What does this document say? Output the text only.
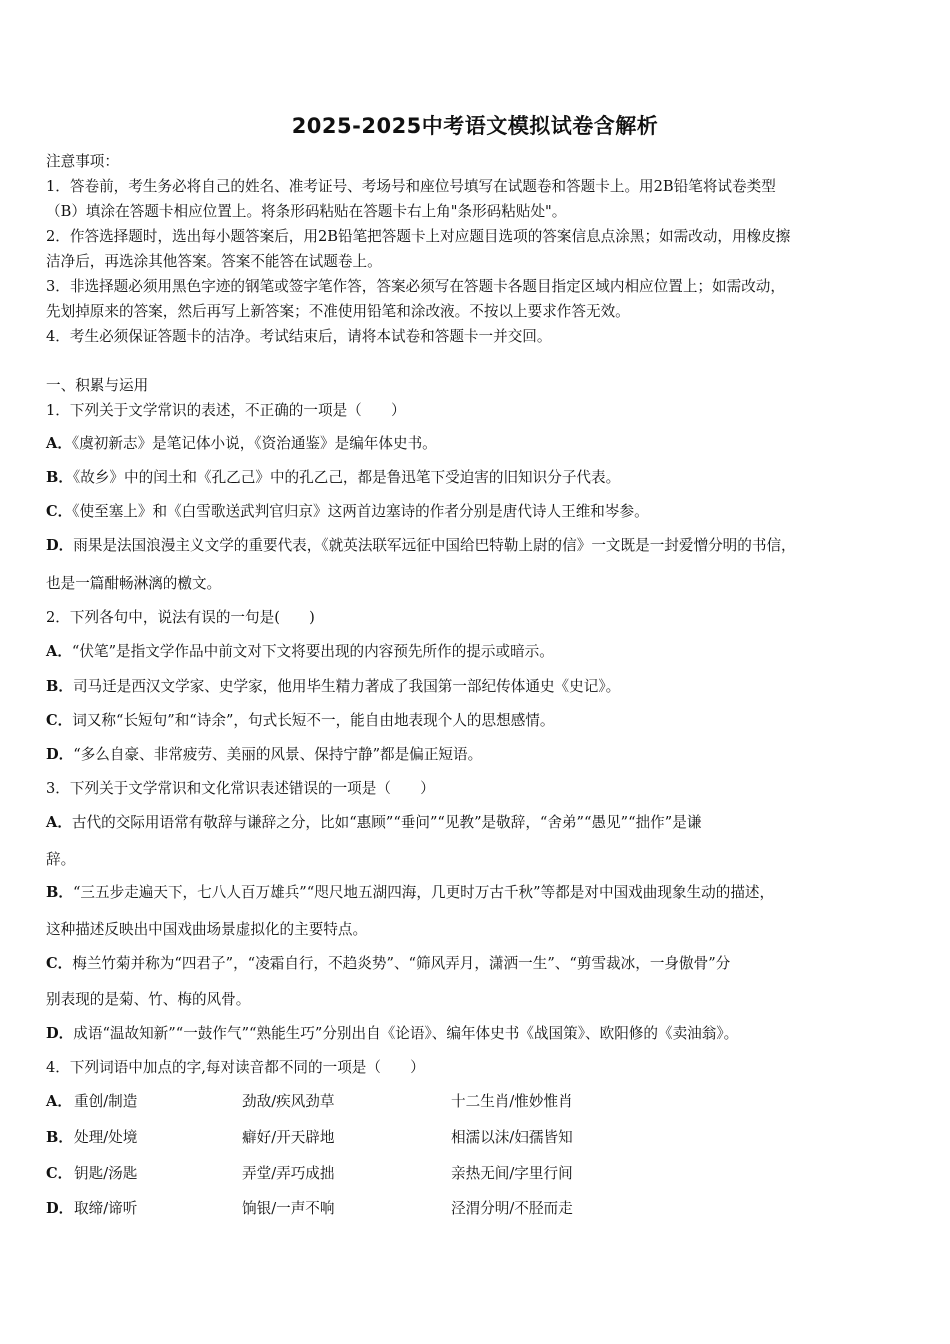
2025-2025中考语文模拟试卷含解析
注意事项：
1．答卷前，考生务必将自己的姓名、准考证号、考场号和座位号填写在试题卷和答题卡上。用2B铅笔将试卷类型
（B）填涂在答题卡相应位置上。将条形码粘贴在答题卡右上角"条形码粘贴处"。
2．作答选择题时，选出每小题答案后，用2B铅笔把答题卡上对应题目选项的答案信息点涂黑；如需改动，用橡皮擦
洁净后，再选涂其他答案。答案不能答在试题卷上。
3．非选择题必须用黑色字迹的钢笔或签字笔作答，答案必须写在答题卡各题目指定区域内相应位置上；如需改动，
先划掉原来的答案，然后再写上新答案；不准使用铅笔和涂改液。不按以上要求作答无效。
4．考生必须保证答题卡的洁净。考试结束后，请将本试卷和答题卡一并交回。
一、积累与运用
1．下列关于文学常识的表述，不正确的一项是（　　）
A．《虞初新志》是笔记体小说，《资治通鉴》是编年体史书。
B．《故乡》中的闰土和《孔乙己》中的孔乙己，都是鲁迅笔下受迫害的旧知识分子代表。
C．《使至塞上》和《白雪歌送武判官归京》这两首边塞诗的作者分别是唐代诗人王维和岑参。
D．雨果是法国浪漫主义文学的重要代表，《就英法联军远征中国给巴特勒上尉的信》一文既是一封爱憎分明的书信，
也是一篇酣畅淋漓的檄文。
2．下列各句中，说法有误的一句是(　　)
A．“伏笔”是指文学作品中前文对下文将要出现的内容预先所作的提示或暗示。
B．司马迁是西汉文学家、史学家，他用毕生精力著成了我国第一部纪传体通史《史记》。
C．词又称“长短句”和“诗余”，句式长短不一，能自由地表现个人的思想感情。
D．“多么自豪、非常疲劳、美丽的风景、保持宁静”都是偏正短语。
3．下列关于文学常识和文化常识表述错误的一项是（　　）
A．古代的交际用语常有敬辞与谦辞之分，比如“惠顾”“垂问”“见教”是敬辞，“舍弟”“愚见”“拙作”是谦
辞。
B．“三五步走遍天下，七八人百万雄兵”“咫尺地五湖四海，几更时万古千秋”等都是对中国戏曲现象生动的描述，
这种描述反映出中国戏曲场景虚拟化的主要特点。
C．梅兰竹菊并称为“四君子”，“凌霜自行，不趋炎势”、“筛风弄月，潇洒一生”、“剪雪裁冰，一身傲骨”分
别表现的是菊、竹、梅的风骨。
D．成语“温故知新”“一鼓作气”“熟能生巧”分别出自《论语》、编年体史书《战国策》、欧阳修的《卖油翁》。
4．下列词语中加点的字,每对读音都不同的一项是（　　）
A． 重创/制造	劲敌/疾风劲草	十二生肖/惟妙惟肖
B． 处理/处境	癖好/开天辟地	相濡以沫/妇孺皆知
C． 钥匙/汤匙	弄堂/弄巧成拙	亲热无间/字里行间
D． 取缔/谛听	饷银/一声不响	泾渭分明/不胫而走
